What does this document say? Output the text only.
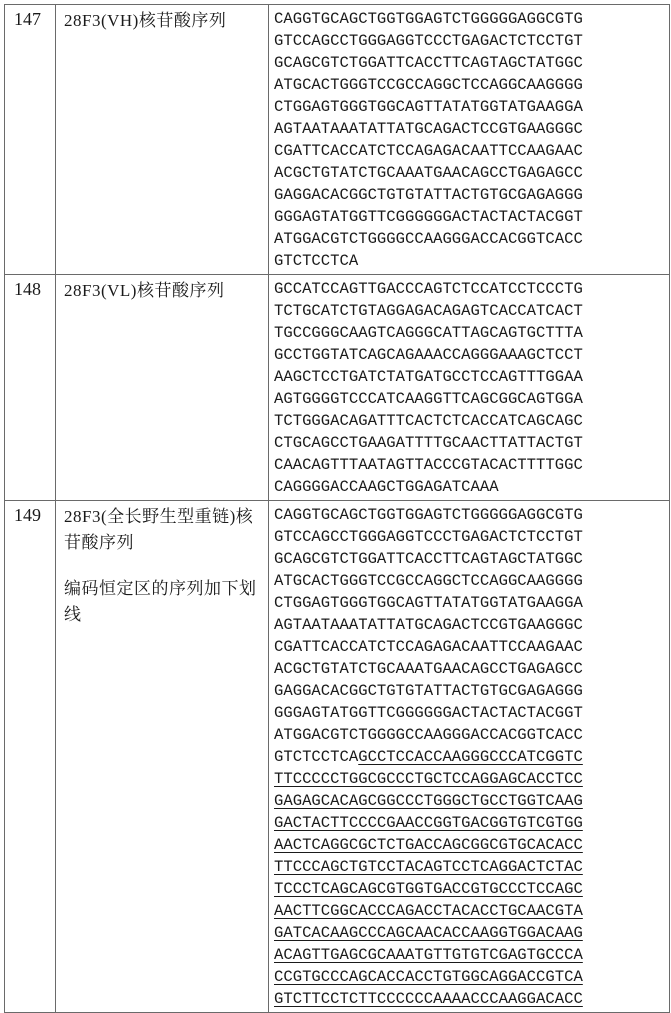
147	28F3(VH)核苷酸序列	CAGGTGCAGCTGGTGGAGTCTGGGGGAGGCGTG
GTCCAGCCTGGGAGGTCCCTGAGACTCTCCTGT
GCAGCGTCTGGATTCACCTTCAGTAGCTATGGC
ATGCACTGGGTCCGCCAGGCTCCAGGCAAGGGG
CTGGAGTGGGTGGCAGTTATATGGTATGAAGGA
AGTAATAAATATTATGCAGACTCCGTGAAGGGC
CGATTCACCATCTCCAGAGACAATTCCAAGAAC
ACGCTGTATCTGCAAATGAACAGCCTGAGAGCC
GAGGACACGGCTGTGTATTACTGTGCGAGAGGG
GGGAGTATGGTTCGGGGGGACTACTACTACGGT
ATGGACGTCTGGGGCCAAGGGACCACGGTCACC
GTCTCCTCA

148	28F3(VL)核苷酸序列	GCCATCCAGTTGACCCAGTCTCCATCCTCCCTG
TCTGCATCTGTAGGAGACAGAGTCACCATCACT
TGCCGGGCAAGTCAGGGCATTAGCAGTGCTTTA
GCCTGGTATCAGCAGAAACCAGGGAAAGCTCCT
AAGCTCCTGATCTATGATGCCTCCAGTTTGGAA
AGTGGGGTCCCATCAAGGTTCAGCGGCAGTGGA
TCTGGGACAGATTTCACTCTCACCATCAGCAGC
CTGCAGCCTGAAGATTTTGCAACTTATTACTGT
CAACAGTTTAATAGTTACCCGTACACTTTTGGC
CAGGGGACCAAGCTGGAGATCAAA

149	28F3(全长野生型重链)核苷酸序列
编码恒定区的序列加下划线

CAGGTGCAGCTGGTGGAGTCTGGGGGAGGCGTG
GTCCAGCCTGGGAGGTCCCTGAGACTCTCCTGT
GCAGCGTCTGGATTCACCTTCAGTAGCTATGGC
ATGCACTGGGTCCGCCAGGCTCCAGGCAAGGGG
CTGGAGTGGGTGGCAGTTATATGGTATGAAGGA
AGTAATAAATATTATGCAGACTCCGTGAAGGGC
CGATTCACCATCTCCAGAGACAATTCCAAGAAC
ACGCTGTATCTGCAAATGAACAGCCTGAGAGCC
GAGGACACGGCTGTGTATTACTGTGCGAGAGGG
GGGAGTATGGTTCGGGGGGACTACTACTACGGT
ATGGACGTCTGGGGCCAAGGGACCACGGTCACC
GTCTCCTCAGCCTCCACCAAGGGCCCATCGGTC
TTCCCCCTGGCGCCCTGCTCCAGGAGCACCTCC
GAGAGCACAGCGGCCCTGGGCTGCCTGGTCAAG
GACTACTTCCCCGAACCGGTGACGGTGTCGTGG
AACTCAGGCGCTCTGACCAGCGGCGTGCACACC
TTCCCAGCTGTCCTACAGTCCTCAGGACTCTAC
TCCCTCAGCAGCGTGGTGACCGTGCCCTCCAGC
AACTTCGGCACCCAGACCTACACCTGCAACGTA
GATCACAAGCCCAGCAACACCAAGGTGGACAAG
ACAGTTGAGCGCAAATGTTGTGTCGAGTGCCCA
CCGTGCCCAGCACCACCTGTGGCAGGACCGTCA
GTCTTCCTCTTCCCCCCAAAACCCAAGGACACC
